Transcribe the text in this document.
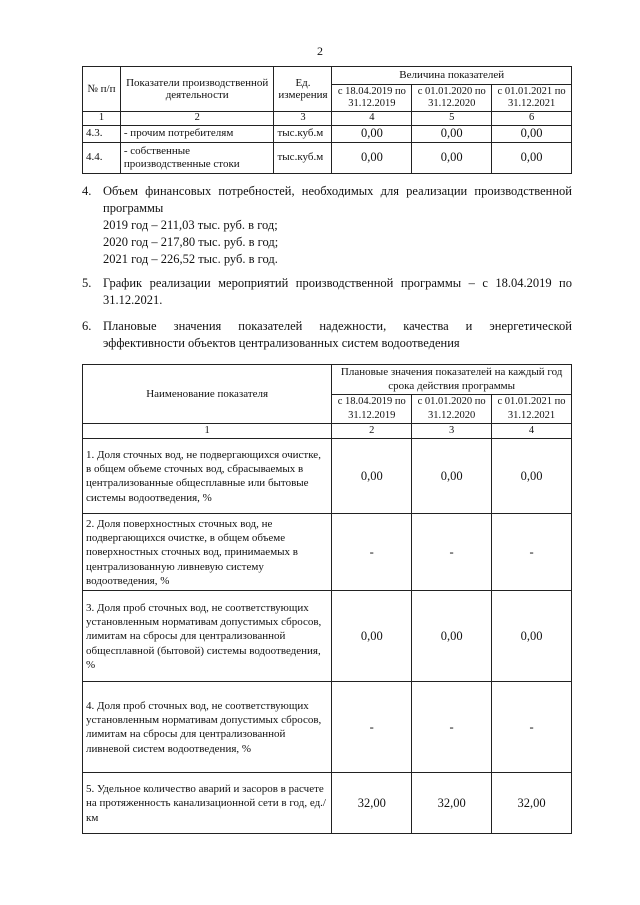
2
№ п/п	Показатели производственной деятельности	Ед. измерения	Величина показателей		
			с 18.04.2019 по 31.12.2019	с 01.01.2020 по 31.12.2020	с 01.01.2021 по 31.12.2021
1	2	3	4	5	6
4.3.	- прочим потребителям	тыс.куб.м	0,00	0,00	0,00
4.4.	- собственные производственные стоки	тыс.куб.м	0,00	0,00	0,00
4. Объем финансовых потребностей, необходимых для реализации производственной программы
2019 год – 211,03 тыс. руб. в год;
2020 год – 217,80 тыс. руб. в год;
2021 год – 226,52 тыс. руб. в год.
5. График реализации мероприятий производственной программы – с 18.04.2019 по 31.12.2021.
6. Плановые значения показателей надежности, качества и энергетической эффективности объектов централизованных систем водоотведения
Наименование показателя	Плановые значения показателей на каждый год срока действия программы		
	с 18.04.2019 по 31.12.2019	с 01.01.2020 по 31.12.2020	с 01.01.2021 по 31.12.2021
1	2	3	4
1. Доля сточных вод, не подвергающихся очистке, в общем объеме сточных вод, сбрасываемых в централизованные общесплавные или бытовые системы водоотведения, %	0,00	0,00	0,00
2. Доля поверхностных сточных вод, не подвергающихся очистке, в общем объеме поверхностных сточных вод, принимаемых в централизованную ливневую систему водоотведения, %	-	-	-
3. Доля проб сточных вод, не соответствующих установленным нормативам допустимых сбросов, лимитам на сбросы для централизованной общесплавной (бытовой) системы водоотведения, %	0,00	0,00	0,00
4. Доля проб сточных вод, не соответствующих установленным нормативам допустимых сбросов, лимитам на сбросы для централизованной ливневой систем водоотведения, %	-	-	-
5. Удельное количество аварий и засоров в расчете на протяженность канализационной сети в год, ед./км	32,00	32,00	32,00
